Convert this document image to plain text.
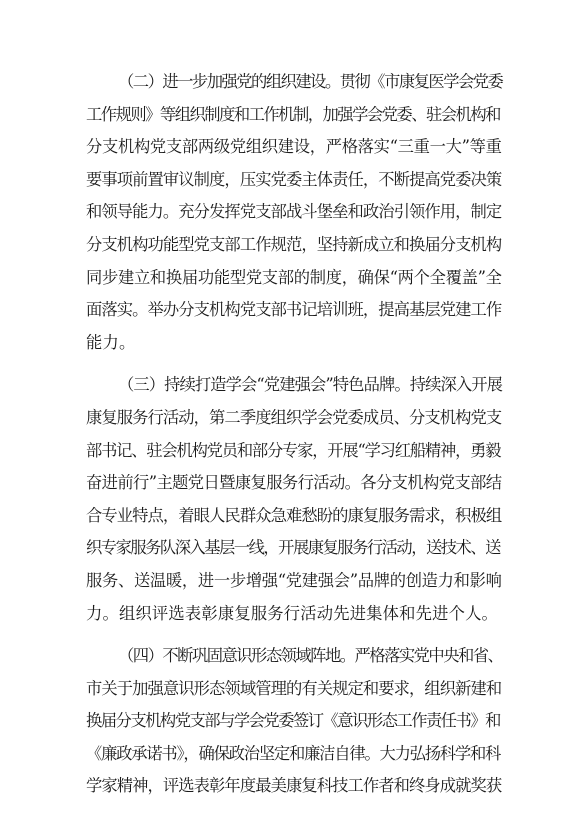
（二）进一步加强党的组织建设。贯彻《市康复医学会党委
工作规则》等组织制度和工作机制，加强学会党委、驻会机构和
分支机构党支部两级党组织建设，严格落实“三重一大”等重
要事项前置审议制度，压实党委主体责任，不断提高党委决策
和领导能力。充分发挥党支部战斗堡垒和政治引领作用，制定
分支机构功能型党支部工作规范，坚持新成立和换届分支机构
同步建立和换届功能型党支部的制度，确保“两个全覆盖”全
面落实。举办分支机构党支部书记培训班，提高基层党建工作
能力。

（三）持续打造学会“党建强会”特色品牌。持续深入开展
康复服务行活动，第二季度组织学会党委成员、分支机构党支
部书记、驻会机构党员和部分专家，开展“学习红船精神，勇毅
奋进前行”主题党日暨康复服务行活动。各分支机构党支部结
合专业特点，着眼人民群众急难愁盼的康复服务需求，积极组
织专家服务队深入基层一线，开展康复服务行活动，送技术、送
服务、送温暖，进一步增强“党建强会”品牌的创造力和影响
力。组织评选表彰康复服务行活动先进集体和先进个人。

（四）不断巩固意识形态领域阵地。严格落实党中央和省、
市关于加强意识形态领域管理的有关规定和要求，组织新建和
换届分支机构党支部与学会党委签订《意识形态工作责任书》和
《廉政承诺书》，确保政治坚定和廉洁自律。大力弘扬科学和科
学家精神，评选表彰年度最美康复科技工作者和终身成就奖获
